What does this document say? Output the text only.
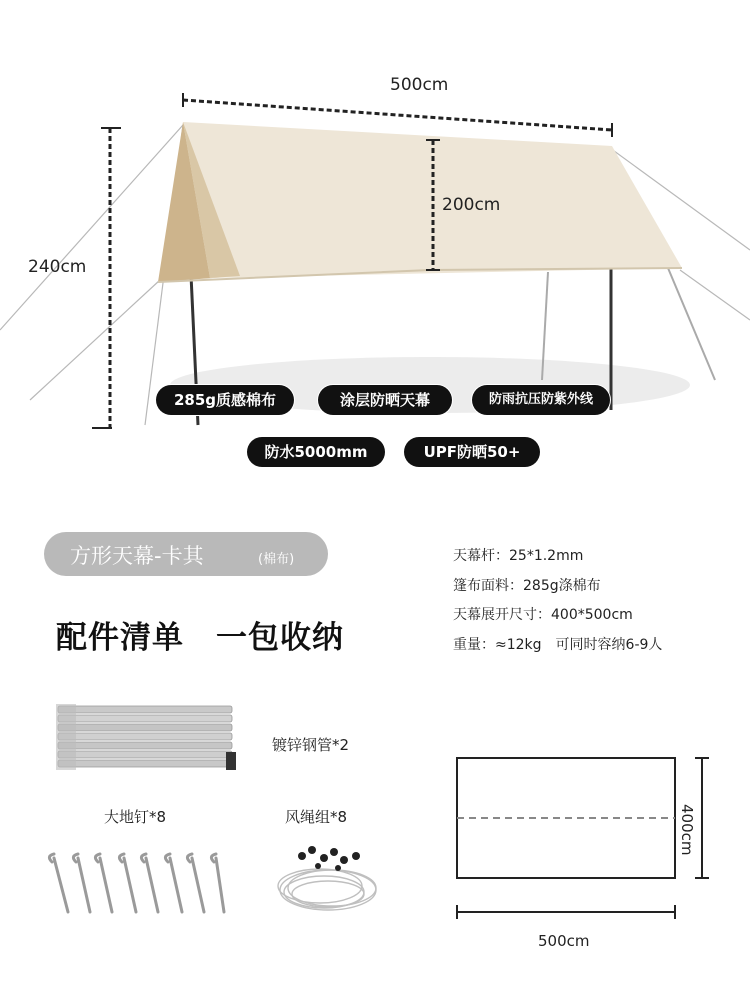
500cm
200cm
240cm
285g质感棉布	涂层防晒天幕	防雨抗压防紫外线
防水5000mm	UPF防晒50+
方形天幕-卡其	(棉布)
配件清单　一包收纳
天幕杆：25*1.2mm
篷布面料：285g涤棉布
天幕展开尺寸：400*500cm
重量：≈12kg　可同时容纳6-9人
镀锌钢管*2
大地钉*8	风绳组*8	400cm
500cm
